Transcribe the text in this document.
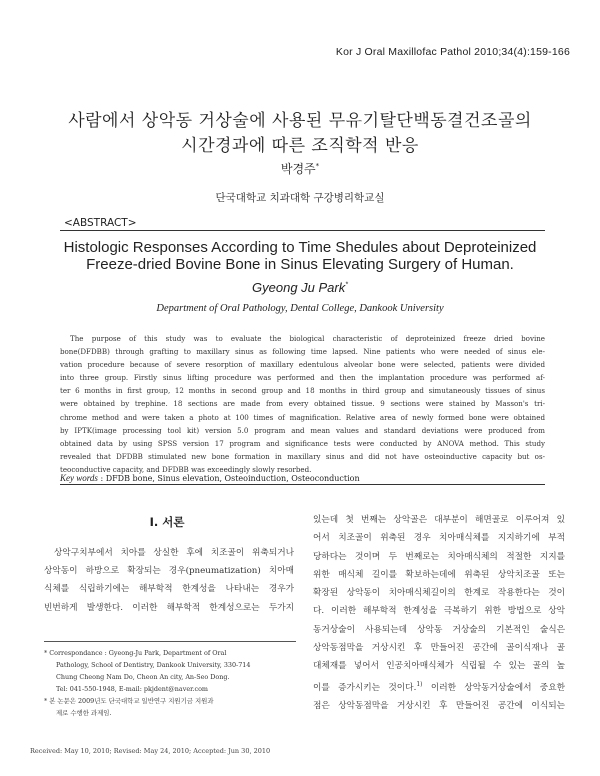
Kor J Oral Maxillofac Pathol 2010;34(4):159-166
사람에서 상악동 거상술에 사용된 무유기탈단백동결건조골의
시간경과에 따른 조직학적 반응
박경주*
단국대학교 치과대학 구강병리학교실
<ABSTRACT>
Histologic Responses According to Time Shedules about Deproteinized
Freeze-dried Bovine Bone in Sinus Elevating Surgery of Human.
Gyeong Ju Park*
Department of Oral Pathology, Dental College, Dankook University
The purpose of this study was to evaluate the biological characteristic of deproteinized freeze dried bovine
bone(DFDBB) through grafting to maxillary sinus as following time lapsed. Nine patients who were needed of sinus ele-
vation procedure because of severe resorption of maxillary edentulous alveolar bone were selected, patients were divided
into three group. Firstly sinus lifting procedure was performed and then the implantation procedure was performed af-
ter 6 months in first group, 12 months in second group and 18 months in third group and simutaneously tissues of sinus
were obtained by trephine. 18 sections are made from every obtained tissue. 9 sections were stained by Masson's tri-
chrome method and were taken a photo at 100 times of magnification. Relative area of newly formed bone were obtained
by IPTK(image processing tool kit) version 5.0 program and mean values and standard deviations were produced from
obtained data by using SPSS version 17 program and significance tests were conducted by ANOVA method. This study
revealed that DFDBB stimulated new bone formation in maxillary sinus and did not have osteoinductive capacity but os-
teoconductive capacity, and DFDBB was exceedingly slowly resorbed.
Key words : DFDB bone, Sinus elevation, Osteoinduction, Osteoconduction
I. 서론
상악구치부에서 치아를 상실한 후에 치조골이 위축되거나
상악동이 하방으로 확장되는 경우(pneumatization) 치아매
식체를 식립하기에는 해부학적 한계성을 나타내는 경우가
빈번하게 발생한다. 이러한 해부학적 한계성으로는 두가지
있는데 첫 번째는 상악골은 대부분이 해면골로 이루어져 있
어서 치조골이 위축된 경우 치아매식체를 지지하기에 부적
당하다는 것이며 두 번째로는 치아매식체의 적절한 지지를
위한 매식체 길이를 확보하는데에 위축된 상악치조골 또는
확장된 상악동이 치아매식체길이의 한계로 작용한다는 것이
다. 이러한 해부학적 한계성을 극복하기 위한 방법으로 상악
동거상술이 사용되는데 상악동 거상술의 기본적인 술식은
상악동점막을 거상시킨 후 만들어진 공간에 골이식재나 골
대체재를 넣어서 인공치아매식체가 식립될 수 있는 골의 높
이를 증가시키는 것이다.$^{1)}$ 이러한 상악동거상술에서 중요한
점은 상악동점막을 거상시킨 후 만들어진 공간에 이식되는
* Correspondance : Gyeong-Ju Park, Department of Oral
Pathology, School of Dentistry, Dankook University, 330-714
Chung Cheong Nam Do, Cheon An city, An-Seo Dong.
Tel: 041-550-1948, E-mail: pkjdent@naver.com
* 본 논문은 2009년도 단국대학교 일반연구 지원기금 지원과
제로 수행한 과제임.
Received: May 10, 2010; Revised: May 24, 2010; Accepted: Jun 30, 2010
